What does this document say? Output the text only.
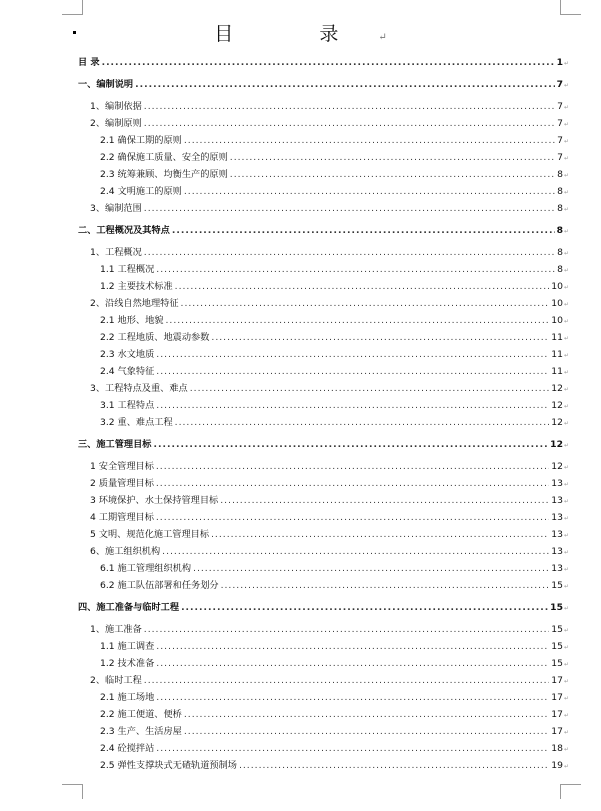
目 录↵
目 录 .....	1 ↵
一、编制说明 .....	7 ↵
1、编制依据 .....	7 ↵
2、编制原则 .....	7 ↵
2.1 确保工期的原则 .....	7 ↵
2.2 确保施工质量、安全的原则 .....	7 ↵
2.3 统筹兼顾、均衡生产的原则 .....	8 ↵
2.4 文明施工的原则 .....	8 ↵
3、编制范围 .....	8 ↵
二、工程概况及其特点 .....	8 ↵
1、工程概况 .....	8 ↵
1.1 工程概况 .....	8 ↵
1.2 主要技术标准 .....	10 ↵
2、沿线自然地理特征 .....	10 ↵
2.1 地形、地貌 .....	10 ↵
2.2 工程地质、地震动参数 .....	11 ↵
2.3 水文地质 .....	11 ↵
2.4 气象特征 .....	11 ↵
3、工程特点及重、难点 .....	12 ↵
3.1 工程特点 .....	12 ↵
3.2 重、难点工程 .....	12 ↵
三、施工管理目标 .....	12 ↵
1 安全管理目标 .....	12 ↵
2 质量管理目标 .....	13 ↵
3 环境保护、水土保持管理目标 .....	13 ↵
4 工期管理目标 .....	13 ↵
5 文明、规范化施工管理目标 .....	13 ↵
6、施工组织机构 .....	13 ↵
6.1 施工管理组织机构 .....	13 ↵
6.2 施工队伍部署和任务划分 .....	15 ↵
四、施工准备与临时工程 .....	15 ↵
1、施工准备 .....	15 ↵
1.1 施工调查 .....	15 ↵
1.2 技术准备 .....	15 ↵
2、临时工程 .....	17 ↵
2.1 施工场地 .....	17 ↵
2.2 施工便道、便桥 .....	17 ↵
2.3 生产、生活房屋 .....	17 ↵
2.4 砼搅拌站 .....	18 ↵
2.5 弹性支撑块式无碴轨道预制场 .....	19 ↵
